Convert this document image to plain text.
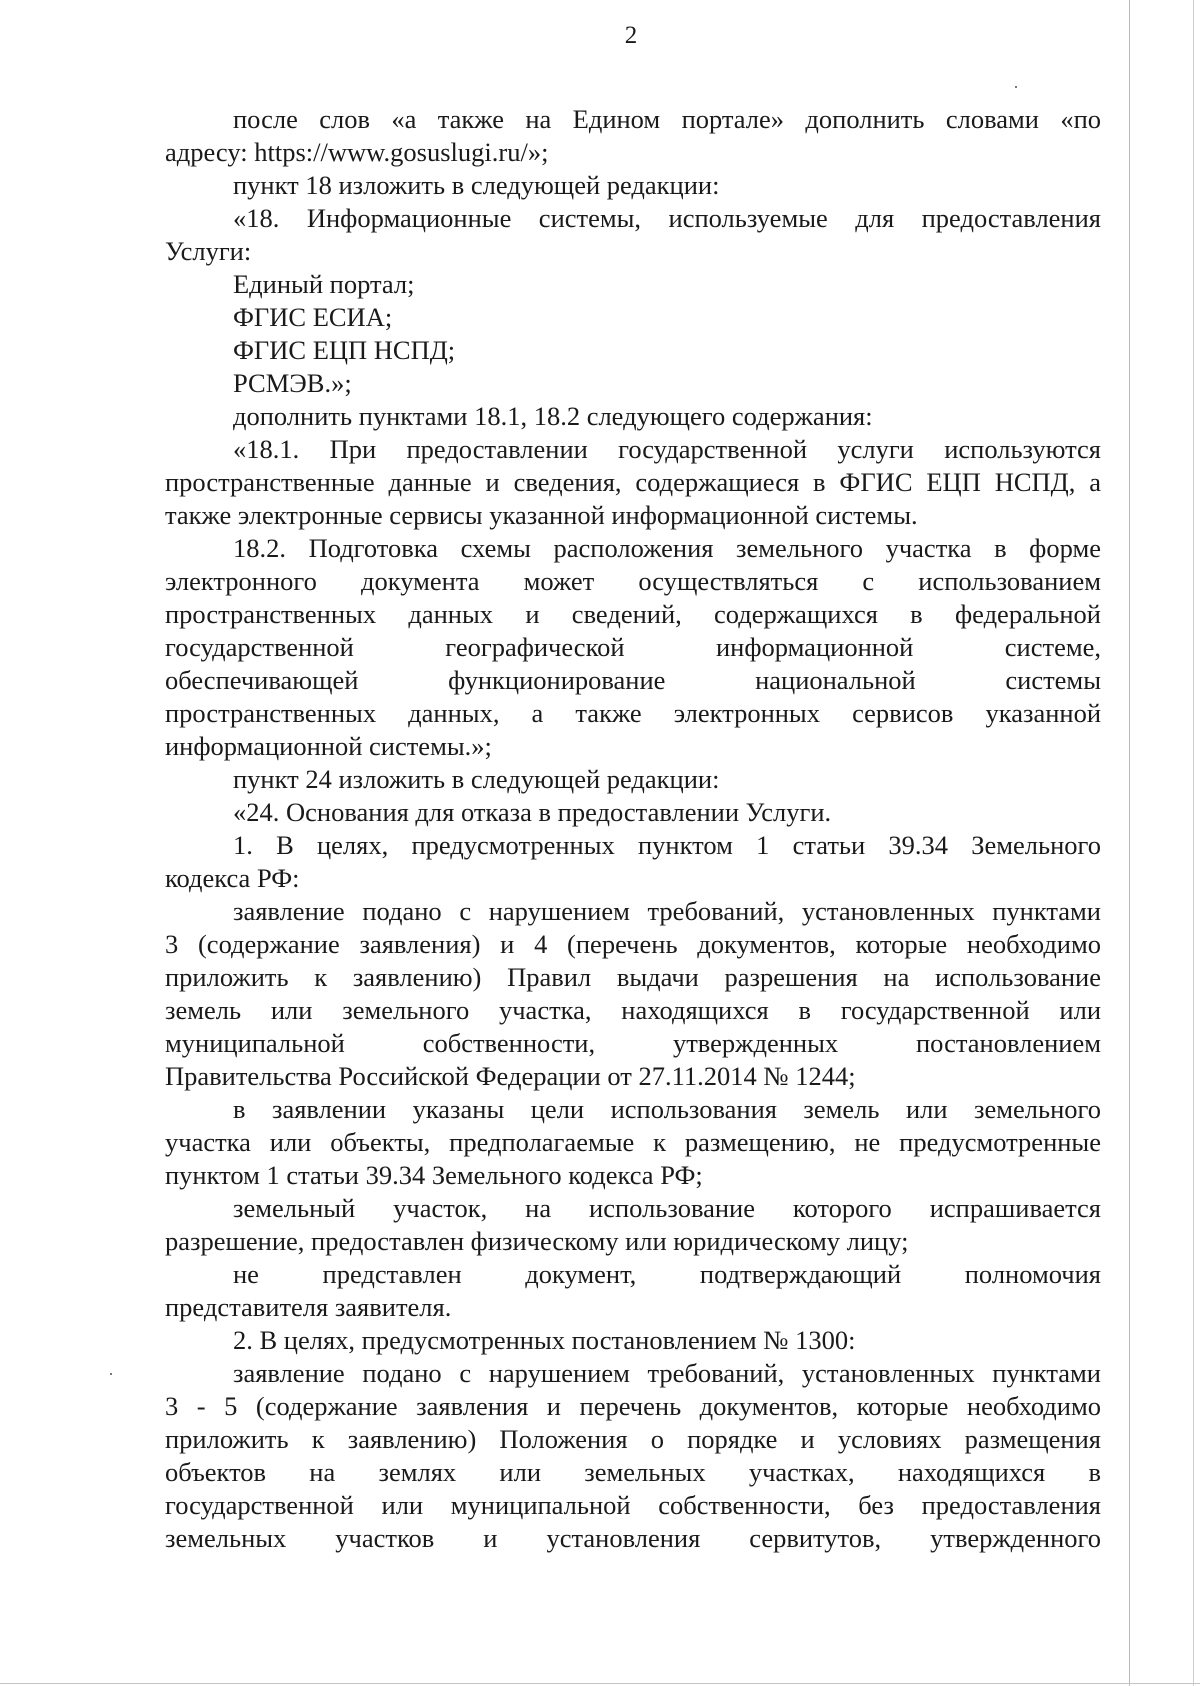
2
после слов «а также на Едином портале» дополнить словами «по
адресу: https://www.gosuslugi.ru/»;
пункт 18 изложить в следующей редакции:
«18. Информационные системы, используемые для предоставления
Услуги:
Единый портал;
ФГИС ЕСИА;
ФГИС ЕЦП НСПД;
РСМЭВ.»;
дополнить пунктами 18.1, 18.2 следующего содержания:
«18.1. При предоставлении государственной услуги используются
пространственные данные и сведения, содержащиеся в ФГИС ЕЦП НСПД, а
также электронные сервисы указанной информационной системы.
18.2. Подготовка схемы расположения земельного участка в форме
электронного документа может осуществляться с использованием
пространственных данных и сведений, содержащихся в федеральной
государственной географической информационной системе,
обеспечивающей функционирование национальной системы
пространственных данных, а также электронных сервисов указанной
информационной системы.»;
пункт 24 изложить в следующей редакции:
«24. Основания для отказа в предоставлении Услуги.
1. В целях, предусмотренных пунктом 1 статьи 39.34 Земельного
кодекса РФ:
заявление подано с нарушением требований, установленных пунктами
3 (содержание заявления) и 4 (перечень документов, которые необходимо
приложить к заявлению) Правил выдачи разрешения на использование
земель или земельного участка, находящихся в государственной или
муниципальной собственности, утвержденных постановлением
Правительства Российской Федерации от 27.11.2014 № 1244;
в заявлении указаны цели использования земель или земельного
участка или объекты, предполагаемые к размещению, не предусмотренные
пунктом 1 статьи 39.34 Земельного кодекса РФ;
земельный участок, на использование которого испрашивается
разрешение, предоставлен физическому или юридическому лицу;
не представлен документ, подтверждающий полномочия
представителя заявителя.
2. В целях, предусмотренных постановлением № 1300:
заявление подано с нарушением требований, установленных пунктами
3 - 5 (содержание заявления и перечень документов, которые необходимо
приложить к заявлению) Положения о порядке и условиях размещения
объектов на землях или земельных участках, находящихся в
государственной или муниципальной собственности, без предоставления
земельных участков и установления сервитутов, утвержденного
